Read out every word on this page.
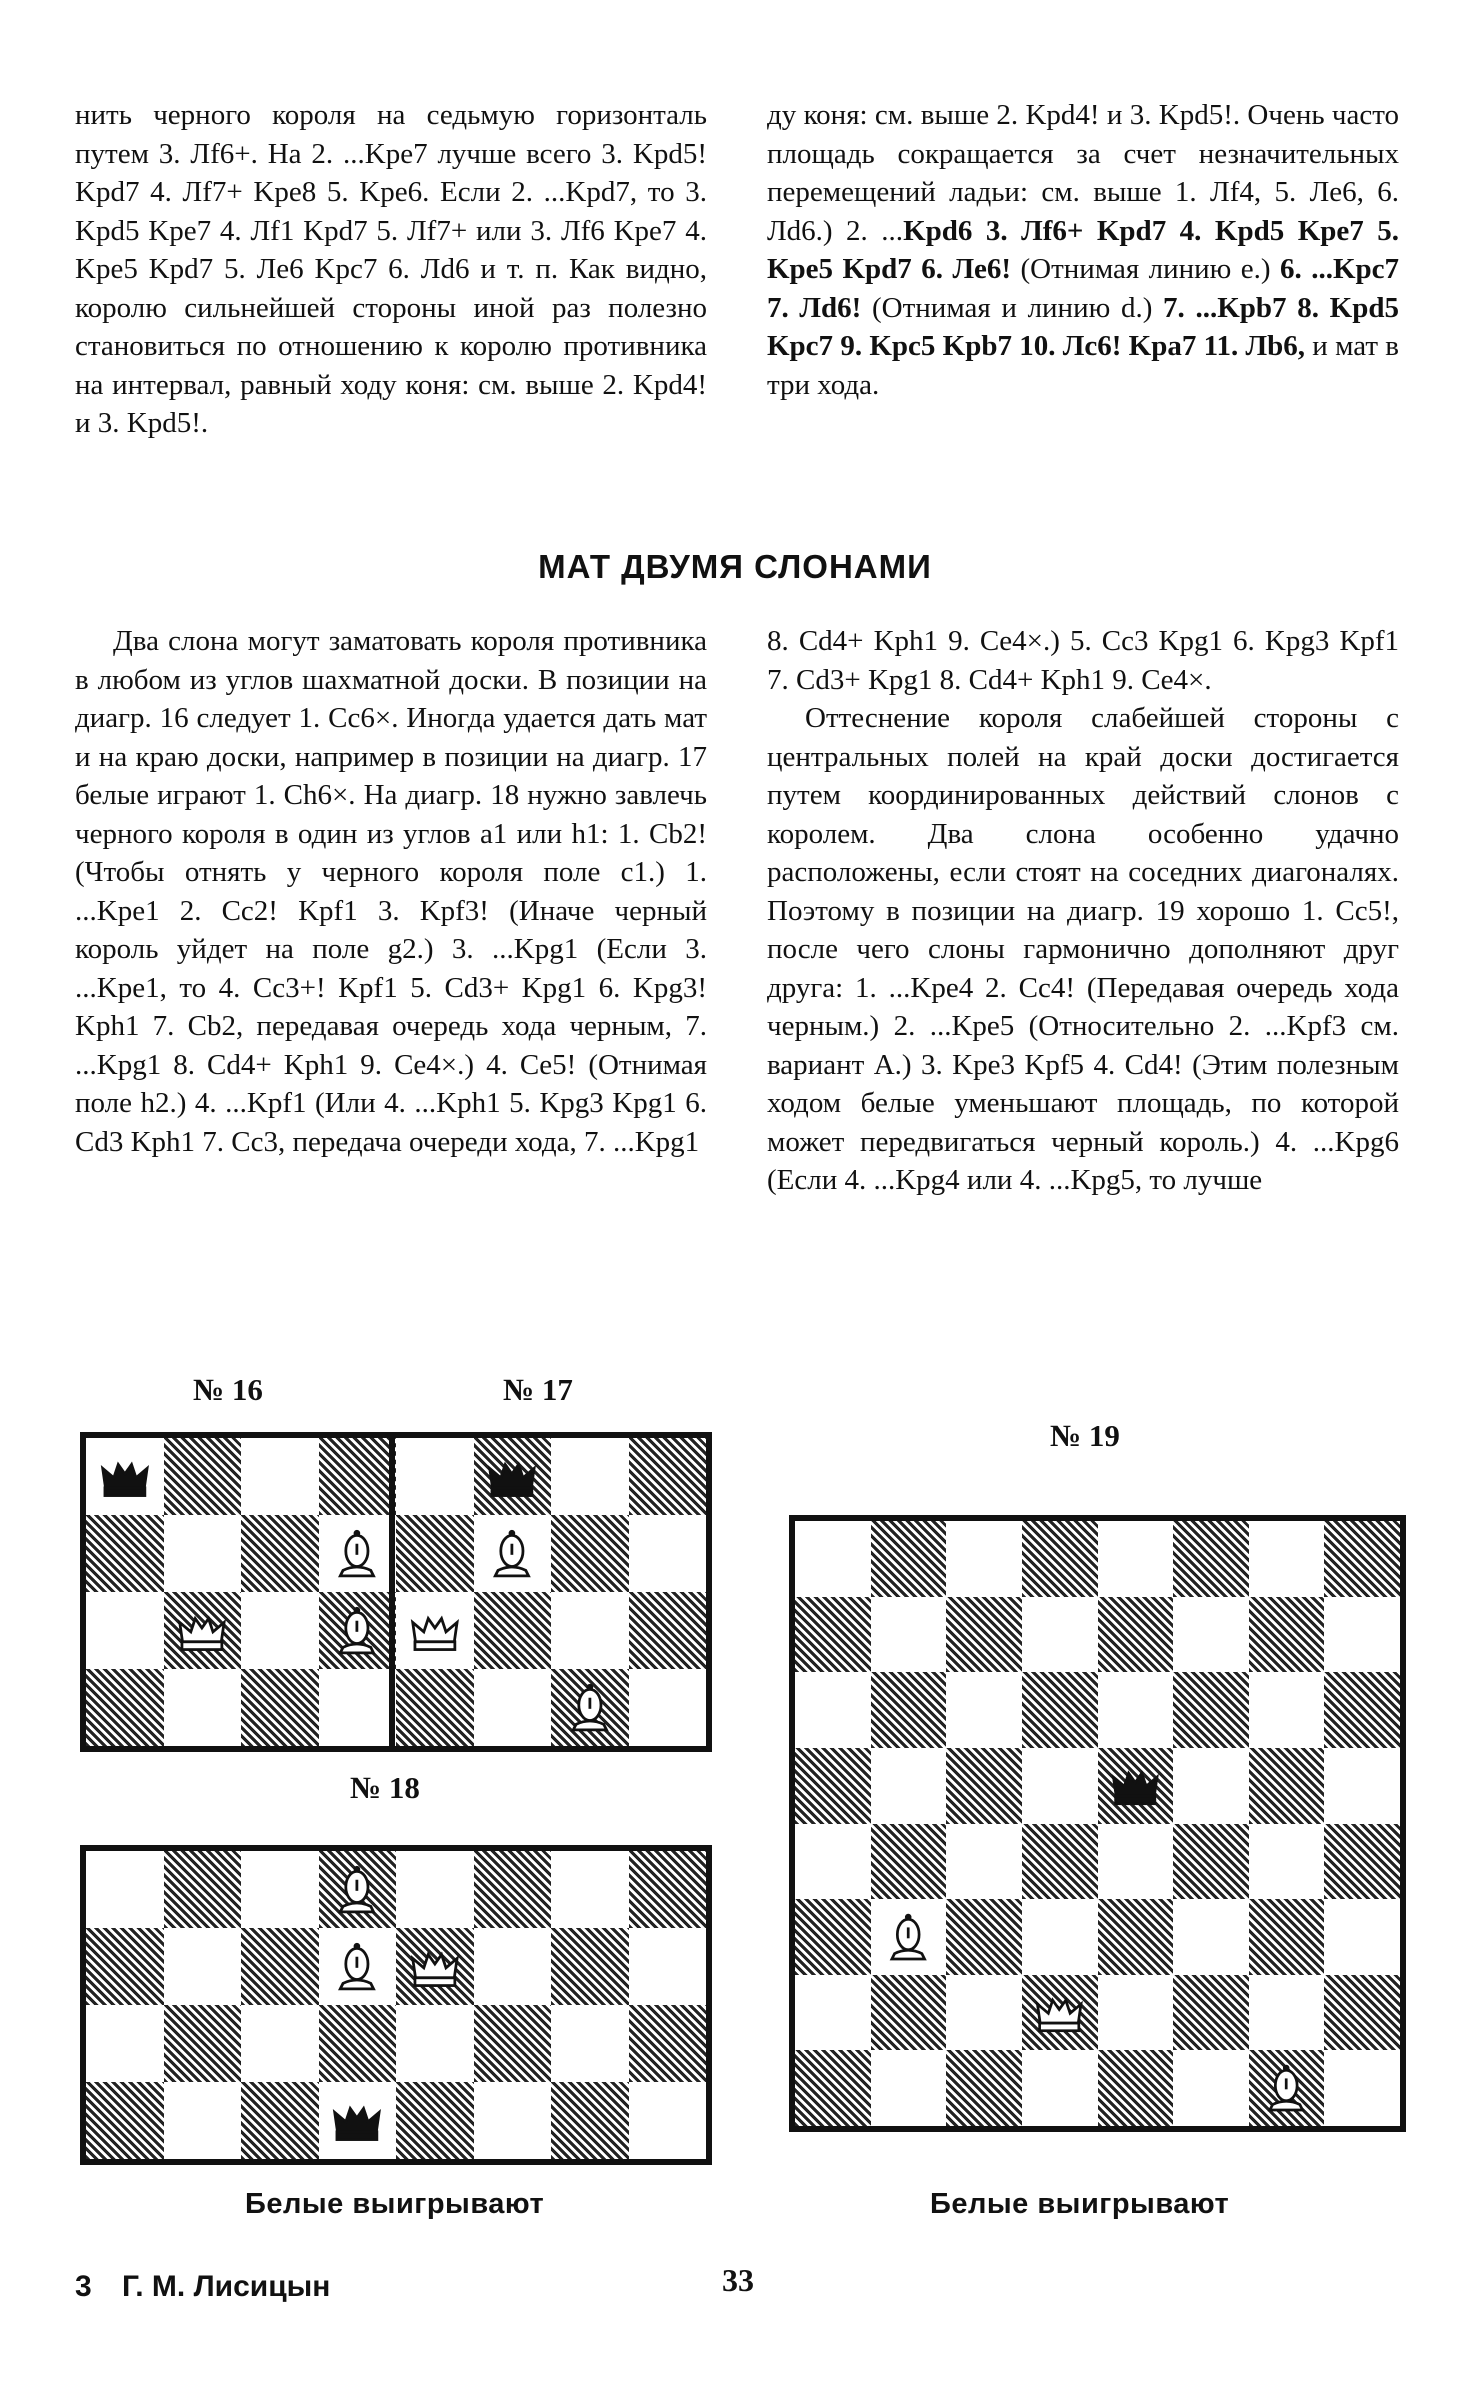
нить черного короля на седьмую горизонталь путем 3. Лf6+. На 2. ...Kpe7 лучше всего 3. Kpd5! Kpd7 4. Лf7+ Kpe8 5. Kpe6. Если 2. ...Kpd7, то 3. Kpd5 Kpe7 4. Лf1 Kpd7 5. Лf7+ или 3. Лf6 Kpe7 4. Kpe5 Kpd7 5. Лe6 Kpc7 6. Лd6 и т. п. Как видно, королю сильнейшей стороны иной раз полезно становиться по отношению к королю противника на интервал, равный ходу коня: см. выше 2. Kpd4! и 3. Kpd5!.

ду коня: см. выше 2. Kpd4! и 3. Kpd5!. Очень часто площадь сокращается за счет незначительных перемещений ладьи: см. выше 1. Лf4, 5. Лe6, 6. Лd6.) 2. ...Kpd6 3. Лf6+ Kpd7 4. Kpd5 Kpe7 5. Kpe5 Kpd7 6. Лe6! (Отнимая линию e.) 6. ...Kpc7 7. Лd6! (Отнимая и линию d.) 7. ...Kpb7 8. Kpd5 Kpc7 9. Kpc5 Kpb7 10. Лc6! Kpa7 11. Лb6, и мат в три хода.

МАТ ДВУМЯ СЛОНАМИ

Два слона могут заматовать короля противника в любом из углов шахматной доски. В позиции на диагр. 16 следует 1. Cc6×. Иногда удается дать мат и на краю доски, например в позиции на диагр. 17 белые играют 1. Ch6×. На диагр. 18 нужно завлечь черного короля в один из углов a1 или h1: 1. Cb2! (Чтобы отнять у черного короля поле c1.) 1. ...Kpe1 2. Cc2! Kpf1 3. Kpf3! (Иначе черный король уйдет на поле g2.) 3. ...Kpg1 (Если 3. ...Kpe1, то 4. Cc3+! Kpf1 5. Cd3+ Kpg1 6. Kpg3! Kph1 7. Cb2, передавая очередь хода черным, 7. ...Kpg1 8. Cd4+ Kph1 9. Ce4×.) 4. Ce5! (Отнимая поле h2.) 4. ...Kpf1 (Или 4. ...Kph1 5. Kpg3 Kpg1 6. Cd3 Kph1 7. Cc3, передача очереди хода, 7. ...Kpg1

8. Cd4+ Kph1 9. Ce4×.) 5. Cc3 Kpg1 6. Kpg3 Kpf1 7. Cd3+ Kpg1 8. Cd4+ Kph1 9. Ce4×.

Оттеснение короля слабейшей стороны с центральных полей на край доски достигается путем координированных действий слонов с королем. Два слона особенно удачно расположены, если стоят на соседних диагоналях. Поэтому в позиции на диагр. 19 хорошо 1. Cc5!, после чего слоны гармонично дополняют друг друга: 1. ...Kpe4 2. Cc4! (Передавая очередь хода черным.) 2. ...Kpe5 (Относительно 2. ...Kpf3 см. вариант А.) 3. Kpe3 Kpf5 4. Cd4! (Этим полезным ходом белые уменьшают площадь, по которой может передвигаться черный король.) 4. ...Kpg6 (Если 4. ...Kpg4 или 4. ...Kpg5, то лучше

№ 16	№ 17
№ 18
№ 19
Белые выигрывают	Белые выигрывают
3 Г. М. Лисицын	33
